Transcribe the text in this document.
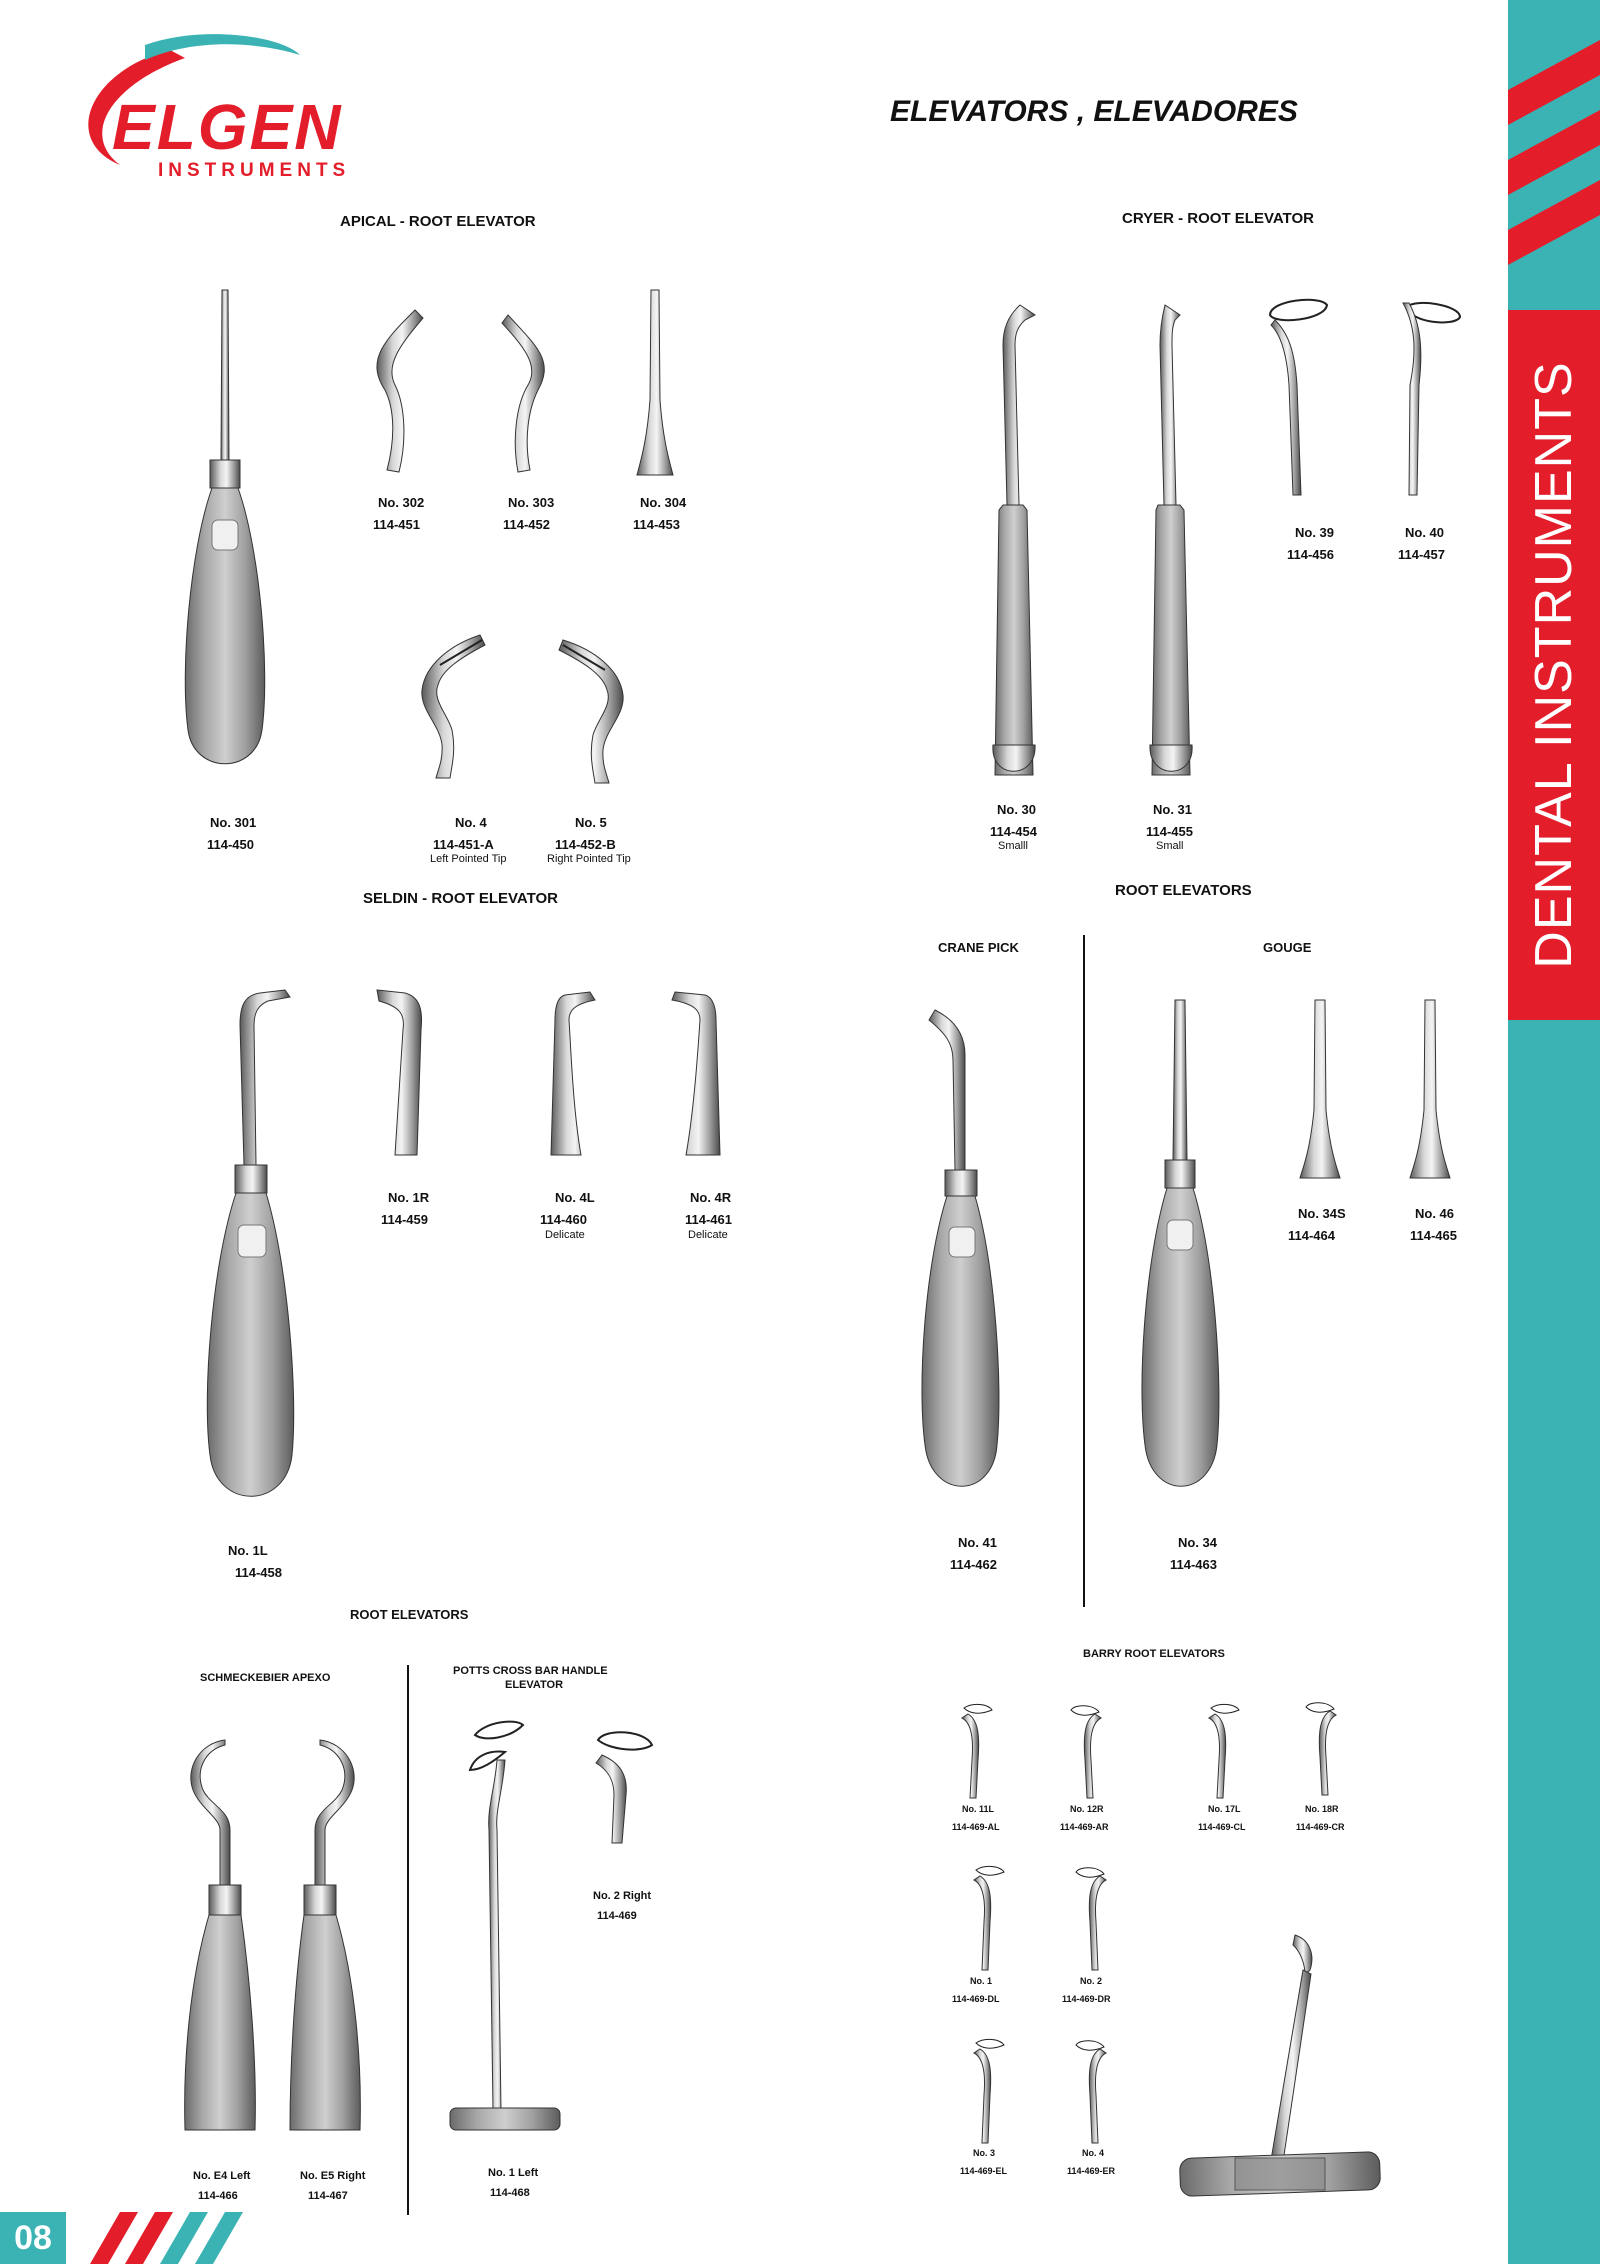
ELGEN
INSTRUMENTS
ELEVATORS , ELEVADORES
DENTAL INSTRUMENTS
08
APICAL - ROOT ELEVATOR
No. 301
114-450
No. 302
114-451
No. 303
114-452
No. 304
114-453
No. 4
114-451-A
Left Pointed Tip
No. 5
114-452-B
Right Pointed Tip
CRYER - ROOT ELEVATOR
No. 30
114-454
Smalll
No. 31
114-455
Small
No. 39
114-456
No. 40
114-457
SELDIN - ROOT ELEVATOR
No. 1L
114-458
No. 1R
114-459
No. 4L
114-460
Delicate
No. 4R
114-461
Delicate
ROOT ELEVATORS
CRANE PICK	GOUGE
No. 41
114-462
No. 34
114-463
No. 34S
114-464
No. 46
114-465
ROOT ELEVATORS
SCHMECKEBIER APEXO
POTTS CROSS BAR HANDLE
ELEVATOR
No. E4 Left
114-466
No. E5 Right
114-467
No. 1 Left
114-468
No. 2 Right
114-469
BARRY ROOT ELEVATORS
No. 11L
114-469-AL
No. 12R
114-469-AR
No. 17L
114-469-CL
No. 18R
114-469-CR
No. 1
114-469-DL
No. 2
114-469-DR
No. 3
114-469-EL
No. 4
114-469-ER
